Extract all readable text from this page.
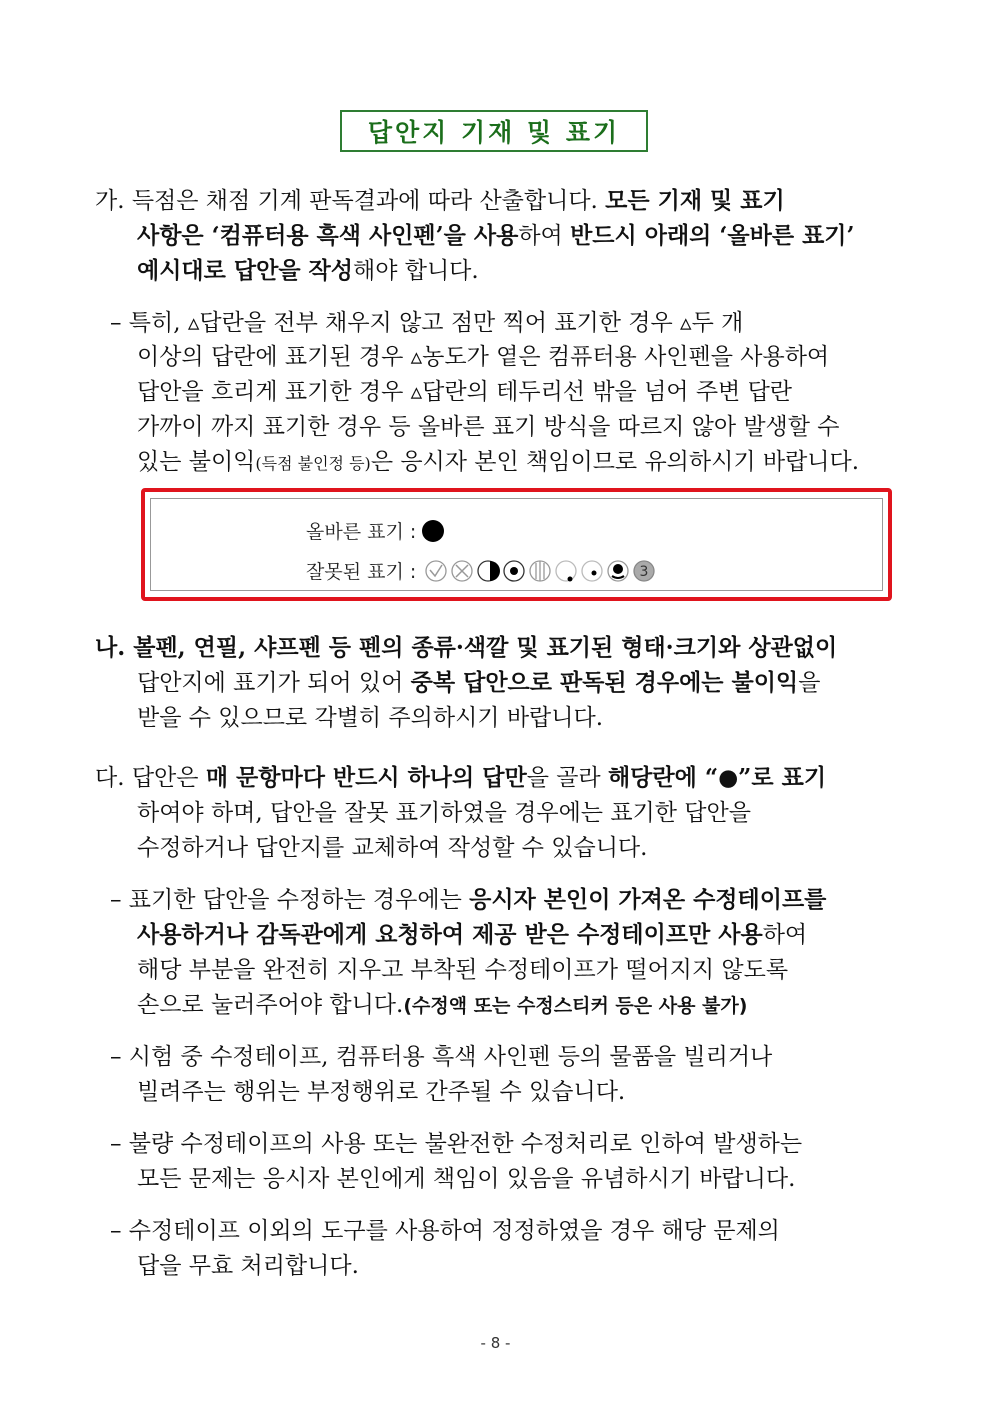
답안지 기재 및 표기
가. 득점은 채점 기계 판독결과에 따라 산출합니다. 모든 기재 및 표기
사항은 ‘컴퓨터용 흑색 사인펜’을 사용하여 반드시 아래의 ‘올바른 표기’
예시대로 답안을 작성해야 합니다.
– 특히, ▵답란을 전부 채우지 않고 점만 찍어 표기한 경우 ▵두 개
이상의 답란에 표기된 경우 ▵농도가 옅은 컴퓨터용 사인펜을 사용하여
답안을 흐리게 표기한 경우 ▵답란의 테두리선 밖을 넘어 주변 답란
가까이 까지 표기한 경우 등 올바른 표기 방식을 따르지 않아 발생할 수
있는 불이익(득점 불인정 등)은 응시자 본인 책임이므로 유의하시기 바랍니다.
올바른 표기 :
잘못된 표기 :	3
나. 볼펜, 연필, 샤프펜 등 펜의 종류·색깔 및 표기된 형태·크기와 상관없이
답안지에 표기가 되어 있어 중복 답안으로 판독된 경우에는 불이익을
받을 수 있으므로 각별히 주의하시기 바랍니다.
다. 답안은 매 문항마다 반드시 하나의 답만을 골라 해당란에 “●”로 표기
하여야 하며, 답안을 잘못 표기하였을 경우에는 표기한 답안을
수정하거나 답안지를 교체하여 작성할 수 있습니다.
– 표기한 답안을 수정하는 경우에는 응시자 본인이 가져온 수정테이프를
사용하거나 감독관에게 요청하여 제공 받은 수정테이프만 사용하여
해당 부분을 완전히 지우고 부착된 수정테이프가 떨어지지 않도록
손으로 눌러주어야 합니다.(수정액 또는 수정스티커 등은 사용 불가)
– 시험 중 수정테이프, 컴퓨터용 흑색 사인펜 등의 물품을 빌리거나
빌려주는 행위는 부정행위로 간주될 수 있습니다.
– 불량 수정테이프의 사용 또는 불완전한 수정처리로 인하여 발생하는
모든 문제는 응시자 본인에게 책임이 있음을 유념하시기 바랍니다.
– 수정테이프 이외의 도구를 사용하여 정정하였을 경우 해당 문제의
답을 무효 처리합니다.
- 8 -
